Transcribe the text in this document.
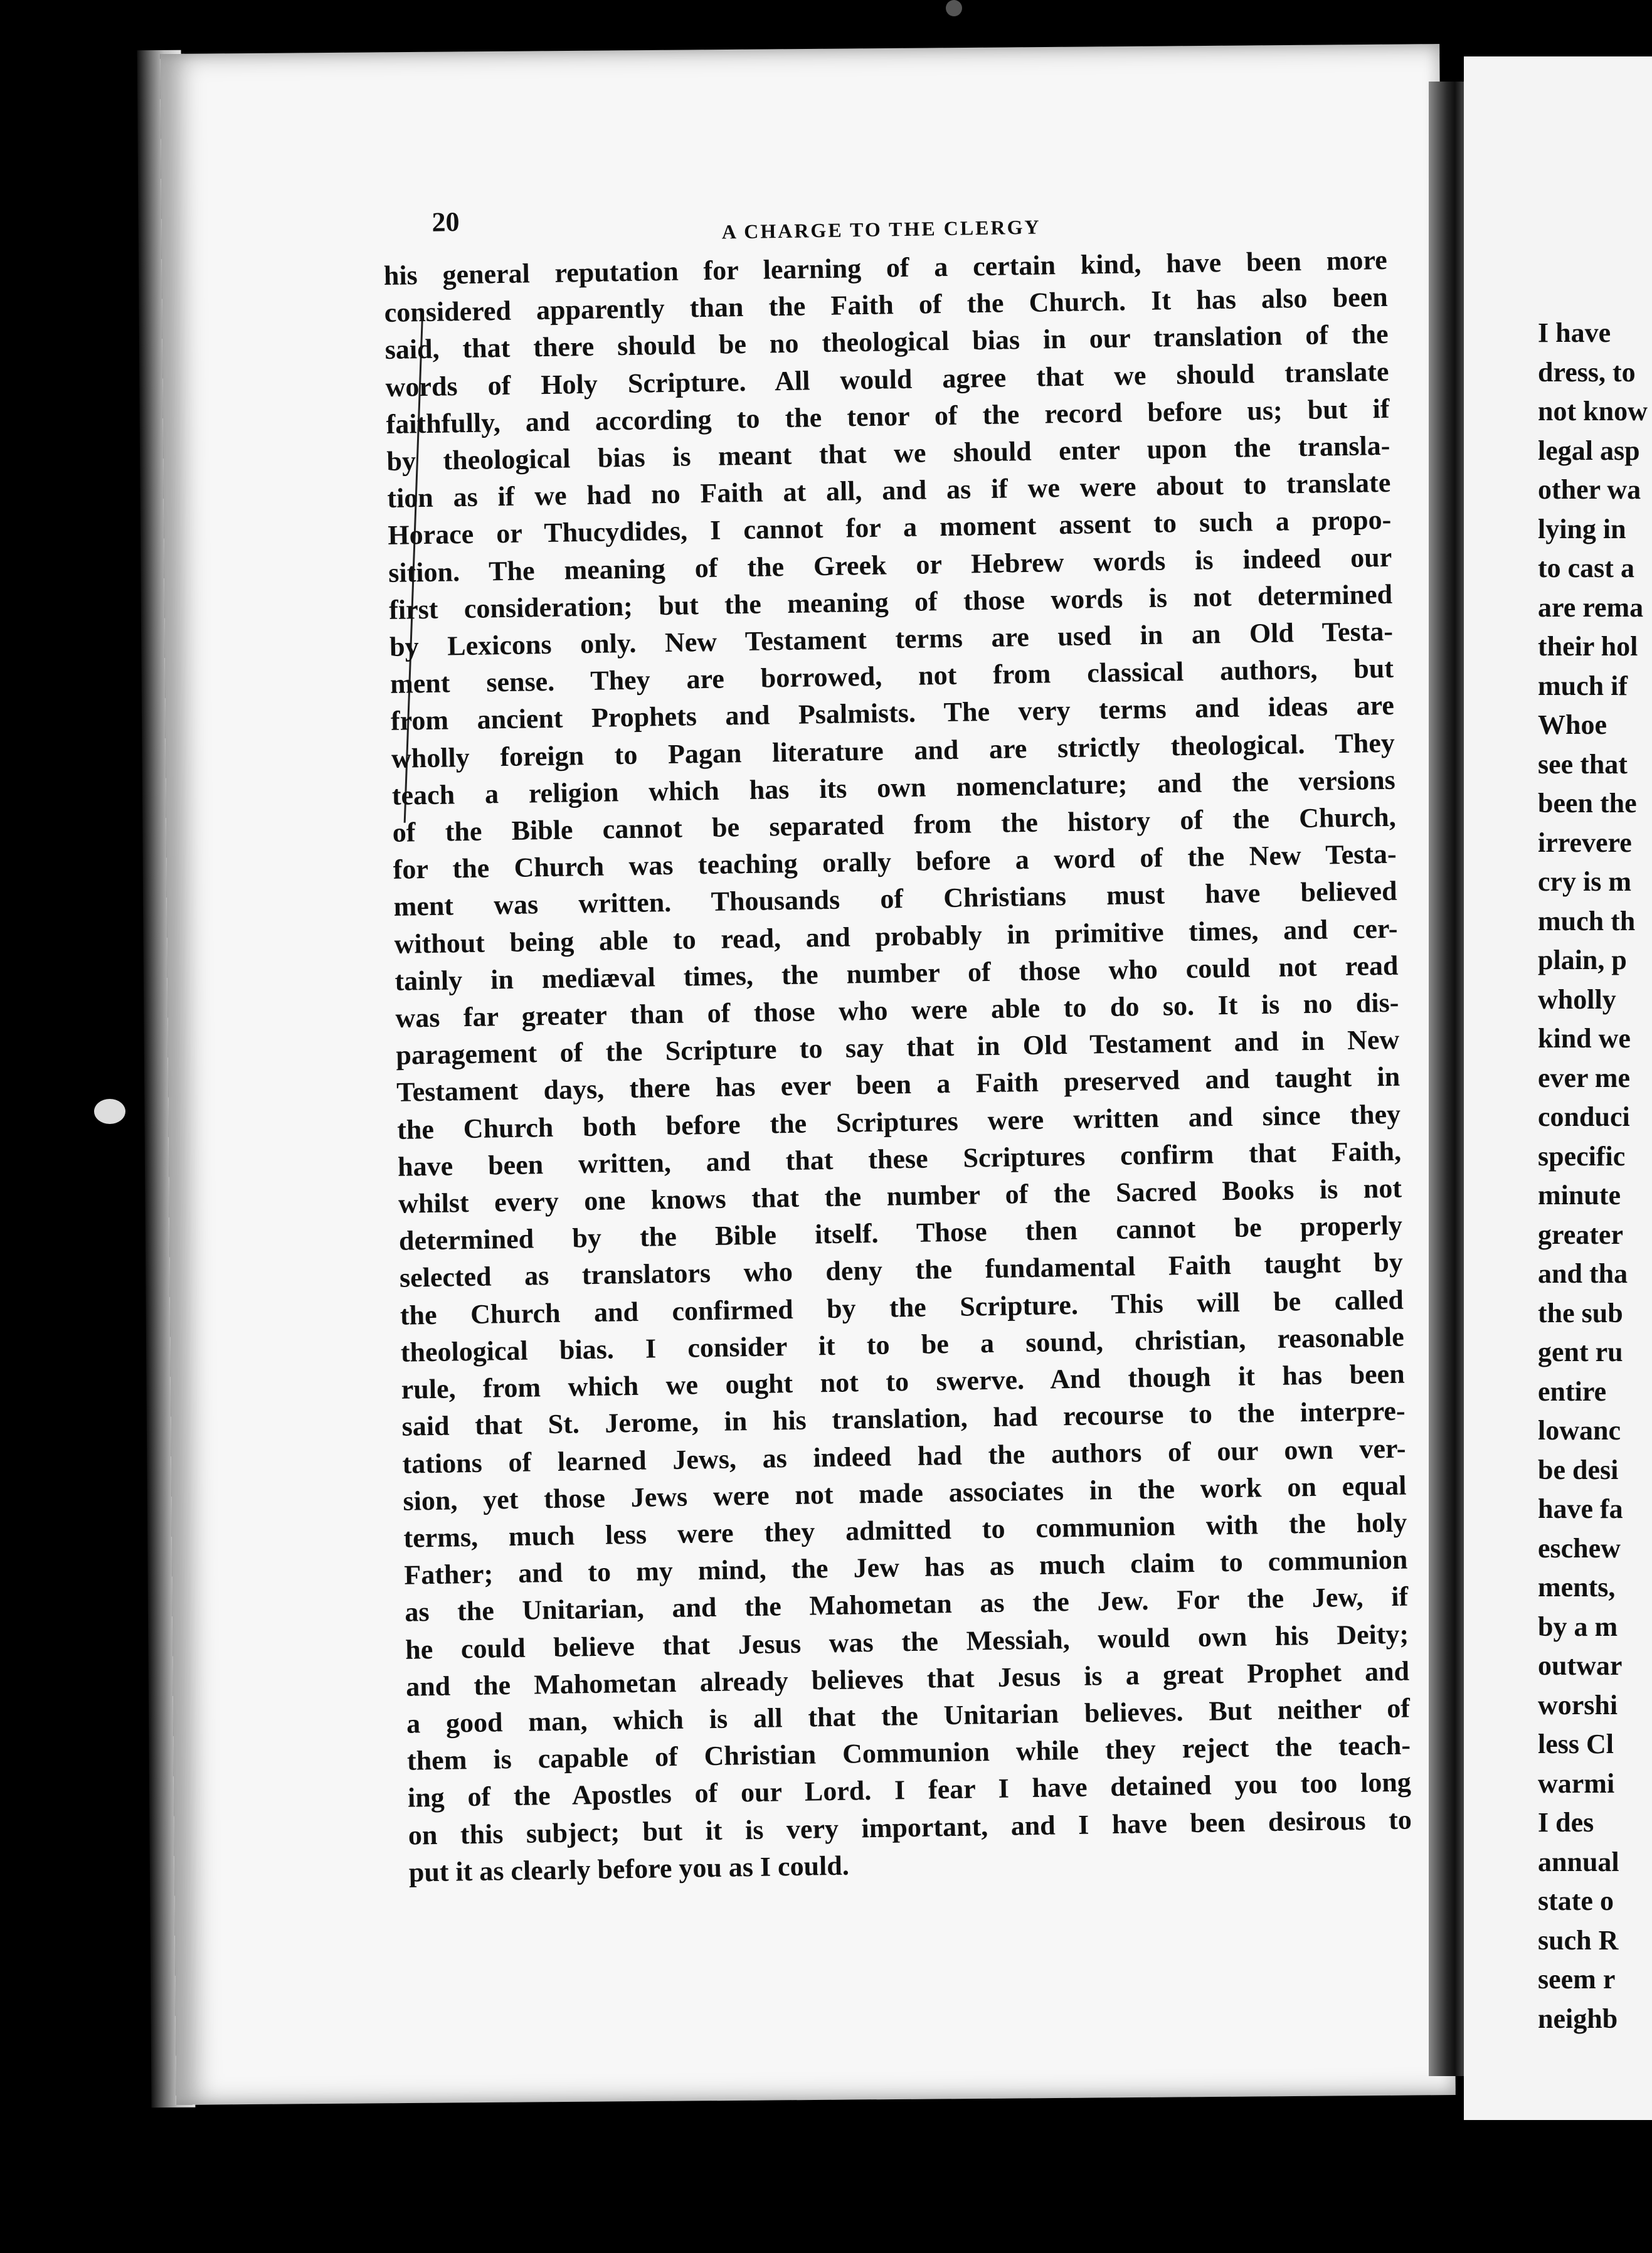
20	A CHARGE TO THE CLERGY
his general reputation for learning of a certain kind, have been more
considered apparently than the Faith of the Church. It has also been
said, that there should be no theological bias in our translation of the
words of Holy Scripture. All would agree that we should translate
faithfully, and according to the tenor of the record before us; but if
by theological bias is meant that we should enter upon the transla-
tion as if we had no Faith at all, and as if we were about to translate
Horace or Thucydides, I cannot for a moment assent to such a propo-
sition. The meaning of the Greek or Hebrew words is indeed our
first consideration; but the meaning of those words is not determined
by Lexicons only. New Testament terms are used in an Old Testa-
ment sense. They are borrowed, not from classical authors, but
from ancient Prophets and Psalmists. The very terms and ideas are
wholly foreign to Pagan literature and are strictly theological. They
teach a religion which has its own nomenclature; and the versions
of the Bible cannot be separated from the history of the Church,
for the Church was teaching orally before a word of the New Testa-
ment was written. Thousands of Christians must have believed
without being able to read, and probably in primitive times, and cer-
tainly in mediæval times, the number of those who could not read
was far greater than of those who were able to do so. It is no dis-
paragement of the Scripture to say that in Old Testament and in New
Testament days, there has ever been a Faith preserved and taught in
the Church both before the Scriptures were written and since they
have been written, and that these Scriptures confirm that Faith,
whilst every one knows that the number of the Sacred Books is not
determined by the Bible itself. Those then cannot be properly
selected as translators who deny the fundamental Faith taught by
the Church and confirmed by the Scripture. This will be called
theological bias. I consider it to be a sound, christian, reasonable
rule, from which we ought not to swerve. And though it has been
said that St. Jerome, in his translation, had recourse to the interpre-
tations of learned Jews, as indeed had the authors of our own ver-
sion, yet those Jews were not made associates in the work on equal
terms, much less were they admitted to communion with the holy
Father; and to my mind, the Jew has as much claim to communion
as the Unitarian, and the Mahometan as the Jew. For the Jew, if
he could believe that Jesus was the Messiah, would own his Deity;
and the Mahometan already believes that Jesus is a great Prophet and
a good man, which is all that the Unitarian believes. But neither of
them is capable of Christian Communion while they reject the teach-
ing of the Apostles of our Lord. I fear I have detained you too long
on this subject; but it is very important, and I have been desirous to
put it as clearly before you as I could.
I have
dress, to
not know
legal asp
other wa
lying in
to cast a
are rema
their hol
much if
Whoe
see that
been the
irrevere
cry is m
much th
plain, p
wholly
kind we
ever me
conduci
specific
minute
greater
and tha
the sub
gent ru
entire
lowanc
be desi
have fa
eschew
ments,
by a m
outwar
worshi
less Cl
warmi
I des
annual
state o
such R
seem r
neighb
